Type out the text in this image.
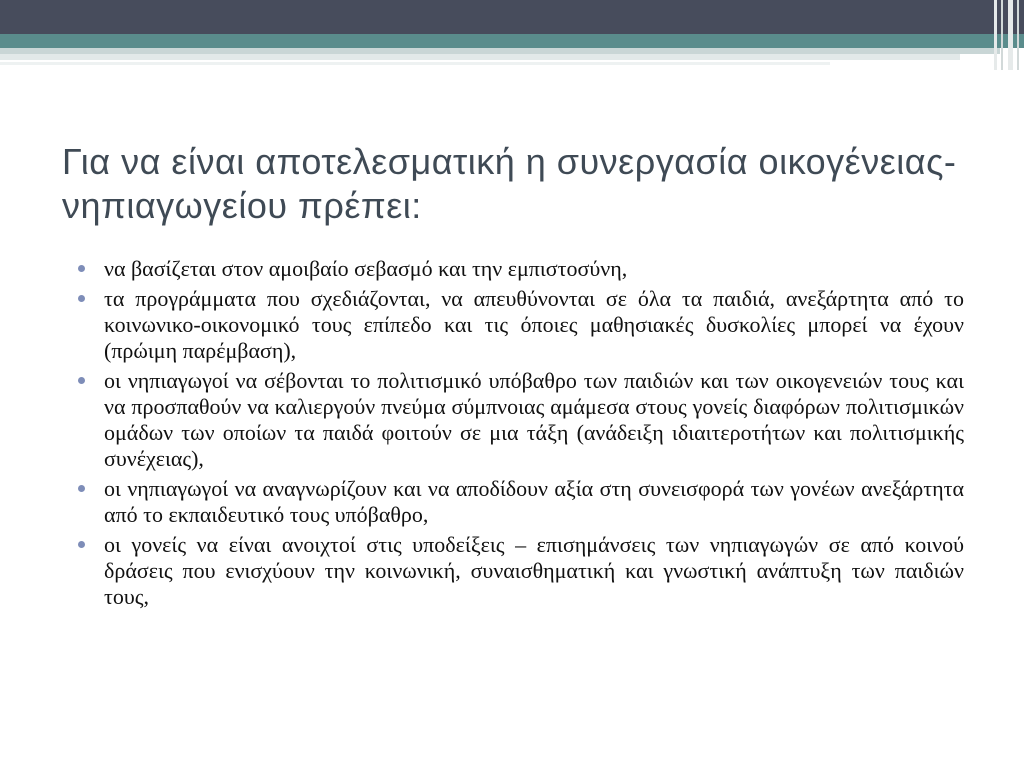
Για να είναι αποτελεσματική η συνεργασία οικογένειας-νηπιαγωγείου πρέπει:
να βασίζεται στον αμοιβαίο σεβασμό και την εμπιστοσύνη,
τα προγράμματα που σχεδιάζονται, να απευθύνονται σε όλα τα παιδιά, ανεξάρτητα από το κοινωνικο-οικονομικό τους επίπεδο και τις όποιες μαθησιακές δυσκολίες μπορεί να έχουν (πρώιμη παρέμβαση),
οι νηπιαγωγοί να σέβονται το πολιτισμικό υπόβαθρο των παιδιών και των οικογενειών τους και να προσπαθούν να καλιεργούν πνεύμα σύμπνοιας αμάμεσα στους γονείς διαφόρων πολιτισμικών ομάδων των οποίων τα παιδά φοιτούν σε μια τάξη (ανάδειξη ιδιαιτεροτήτων και πολιτισμικής συνέχειας),
οι νηπιαγωγοί να αναγνωρίζουν και να αποδίδουν αξία στη συνεισφορά των γονέων ανεξάρτητα από το εκπαιδευτικό τους υπόβαθρο,
οι γονείς να είναι ανοιχτοί στις υποδείξεις – επισημάνσεις των νηπιαγωγών σε από κοινού δράσεις που ενισχύουν την κοινωνική, συναισθηματική και γνωστική ανάπτυξη των παιδιών τους,
